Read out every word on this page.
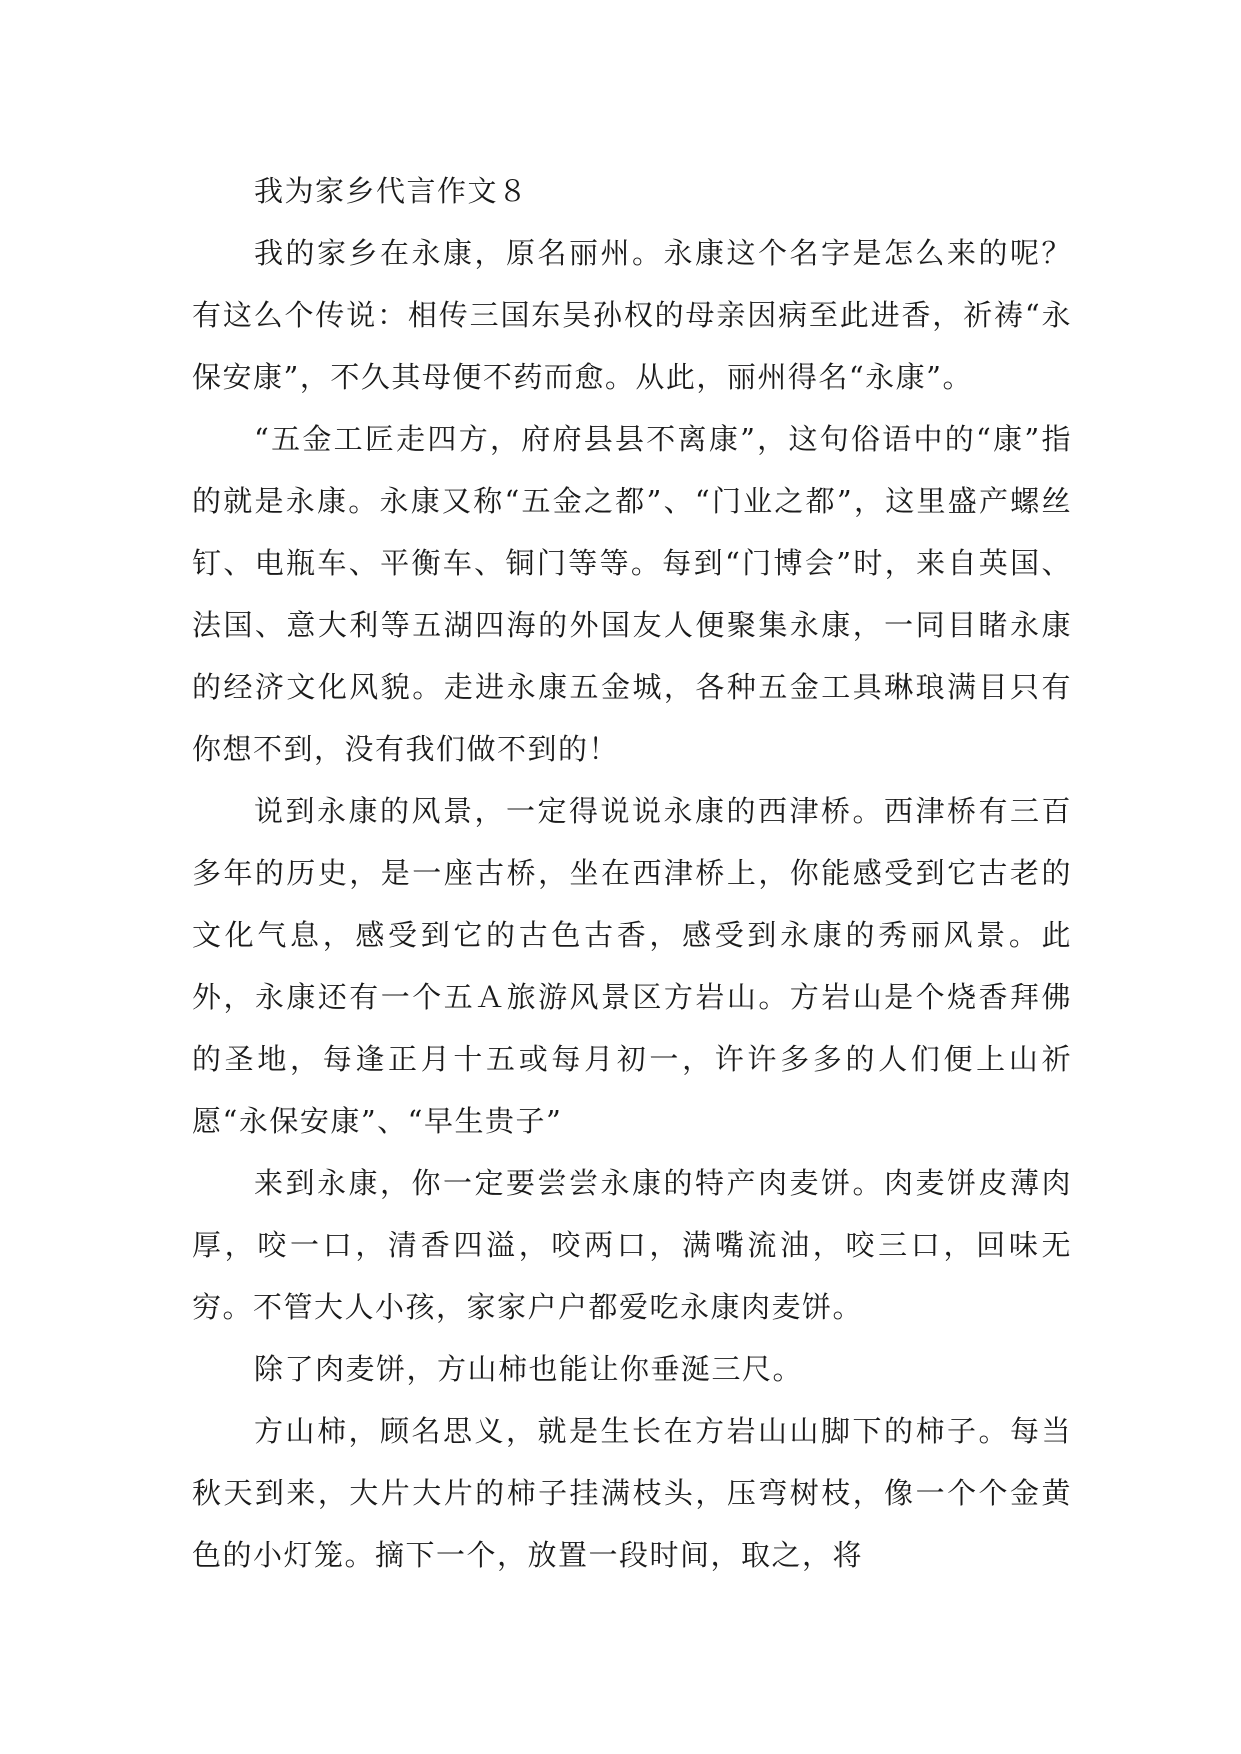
我为家乡代言作文８

我的家乡在永康，原名丽州。永康这个名字是怎么来的呢？有这么个传说：相传三国东吴孙权的母亲因病至此进香，祈祷“永保安康”，不久其母便不药而愈。从此，丽州得名“永康”。

“五金工匠走四方，府府县县不离康”，这句俗语中的“康”指的就是永康。永康又称“五金之都”、“门业之都”，这里盛产螺丝钉、电瓶车、平衡车、铜门等等。每到“门博会”时，来自英国、法国、意大利等五湖四海的外国友人便聚集永康，一同目睹永康的经济文化风貌。走进永康五金城，各种五金工具琳琅满目只有你想不到，没有我们做不到的！

说到永康的风景，一定得说说永康的西津桥。西津桥有三百多年的历史，是一座古桥，坐在西津桥上，你能感受到它古老的文化气息，感受到它的古色古香，感受到永康的秀丽风景。此外，永康还有一个五Ａ旅游风景区方岩山。方岩山是个烧香拜佛的圣地，每逢正月十五或每月初一，许许多多的人们便上山祈愿“永保安康”、“早生贵子”

来到永康，你一定要尝尝永康的特产肉麦饼。肉麦饼皮薄肉厚，咬一口，清香四溢，咬两口，满嘴流油，咬三口，回味无穷。不管大人小孩，家家户户都爱吃永康肉麦饼。

除了肉麦饼，方山柿也能让你垂涎三尺。

方山柿，顾名思义，就是生长在方岩山山脚下的柿子。每当秋天到来，大片大片的柿子挂满枝头，压弯树枝，像一个个金黄色的小灯笼。摘下一个，放置一段时间，取之，将
